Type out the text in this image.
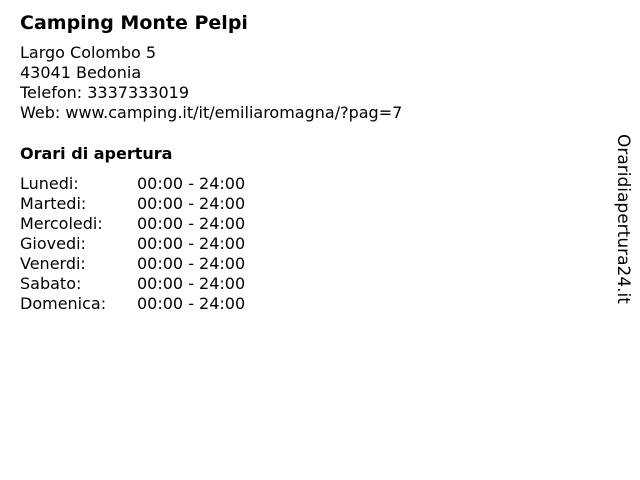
Camping Monte Pelpi
Largo Colombo 5
43041 Bedonia
Telefon: 3337333019
Web: www.camping.it/it/emiliaromagna/?pag=7
Orari di apertura
Lunedi:	00:00 - 24:00
Martedi:	00:00 - 24:00
Mercoledi: 00:00 - 24:00
Giovedi:	00:00 - 24:00
Venerdi:	00:00 - 24:00
Sabato:	00:00 - 24:00
Domenica: 00:00 - 24:00	Oraridiapertura24.it
